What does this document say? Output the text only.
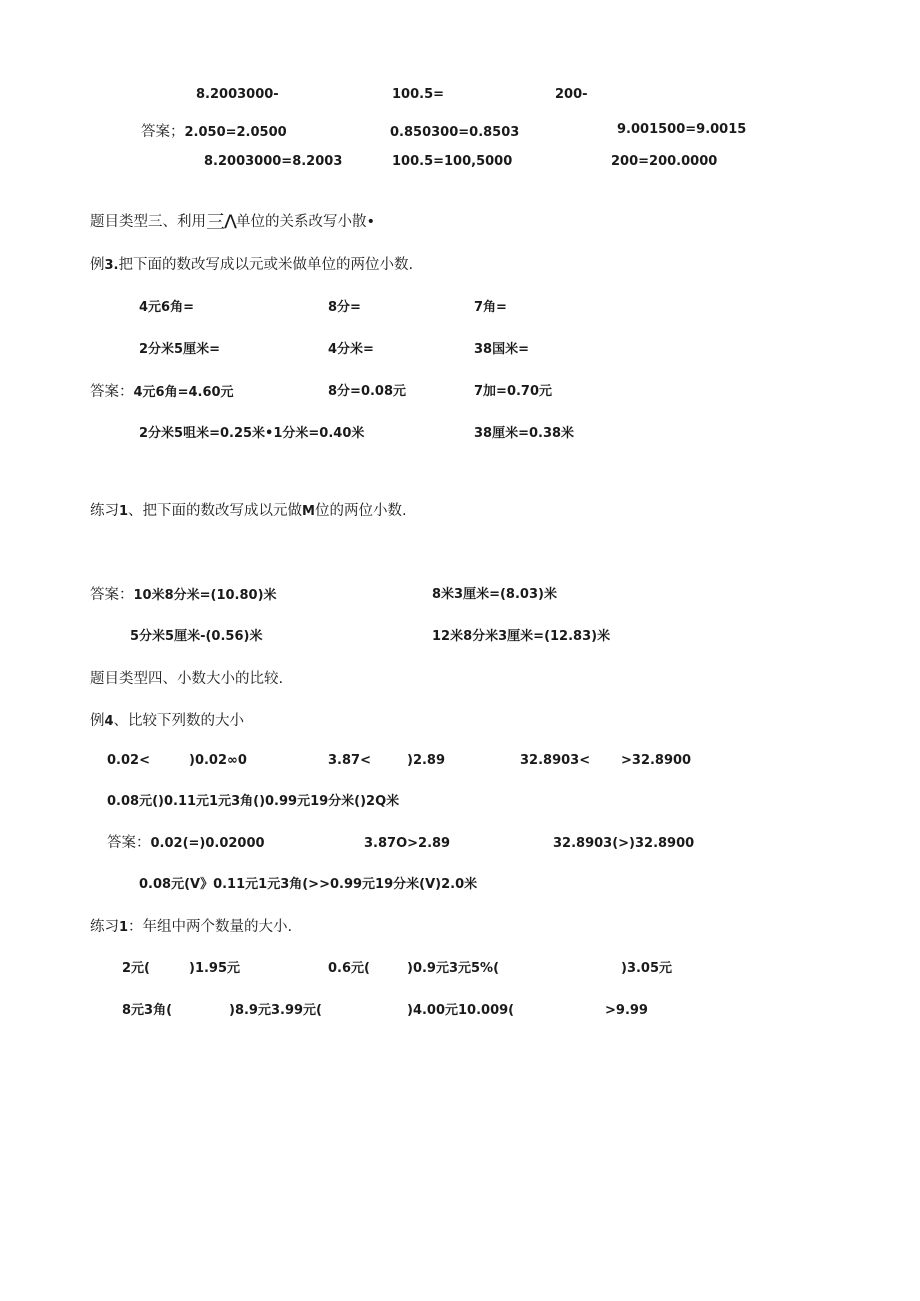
8.2003000-	100.5=	200-
答案；2.050=2.0500	0.850300=0.8503	9.001500=9.0015
8.2003000=8.2003	100.5=100,5000	200=200.0000
题目类型三、利用三Λ单位的关系改写小散•
例3.把下面的数改写成以元或米做单位的两位小数.
4元6角=	8分=	7角=
2分米5厘米=	4分米=	38国米=
答案：4元6角=4.60元	8分=0.08元	7加=0.70元
2分米5咀米=0.25米•1分米=0.40米	38厘米=0.38米
练习1、把下面的数改写成以元做M位的两位小数.
答案：10米8分米=(10.80)米	8米3厘米=(8.03)米
5分米5厘米-(0.56)米	12米8分米3厘米=(12.83)米
题目类型四、小数大小的比较.
例4、比较下列数的大小
0.02<	)0.02∞0	3.87<	)2.89	32.8903< >32.8900
0.08元()0.11元1元3角()0.99元19分米()2Q米
答案：0.02(=)0.02000	3.87O>2.89	32.8903(>)32.8900
0.08元(V》0.11元1元3角(>>0.99元19分米(V)2.0米
练习1：年组中两个数量的大小.
2元(	)1.95元	0.6元(	)0.9元3元5%(	)3.05元
8元3角(	)8.9元3.99元(	)4.00元10.009(	>9.99
